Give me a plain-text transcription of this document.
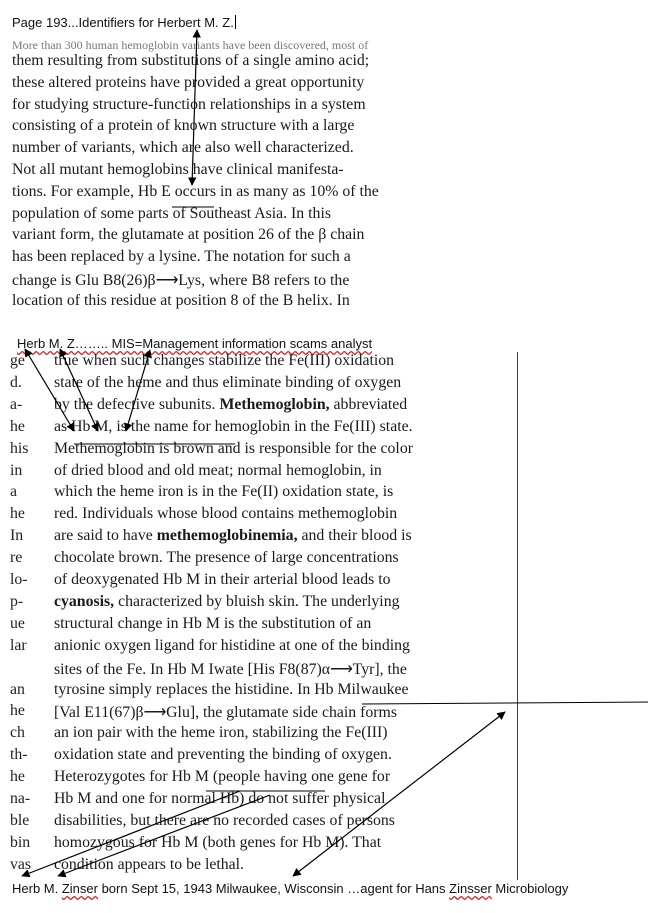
Page 193...Identifiers for Herbert M. Z.
More than 300 human hemoglobin variants have been discovered, most of
them resulting from substitutions of a single amino acid;
these altered proteins have provided a great opportunity
for studying structure-function relationships in a system
consisting of a protein of known structure with a large
number of variants, which are also well characterized.
Not all mutant hemoglobins have clinical manifesta-
tions. For example, Hb E occurs in as many as 10% of the
population of some parts of Southeast Asia. In this
variant form, the glutamate at position 26 of the β chain
has been replaced by a lysine. The notation for such a
change is Glu B8(26)β⟶Lys, where B8 refers to the
location of this residue at position 8 of the B helix. In
Herb M. Z…….. MIS=Management information scams analyst
ge
d.
a-
he
his
in
a
he
In
re
lo-
p-
ue
lar
an
he
ch
th-
he
na-
ble
bin
vas
true when such changes stabilize the Fe(III) oxidation
state of the heme and thus eliminate binding of oxygen
by the defective subunits. Methemoglobin, abbreviated
as Hb M, is the name for hemoglobin in the Fe(III) state.
Methemoglobin is brown and is responsible for the color
of dried blood and old meat; normal hemoglobin, in
which the heme iron is in the Fe(II) oxidation state, is
red. Individuals whose blood contains methemoglobin
are said to have methemoglobinemia, and their blood is
chocolate brown. The presence of large concentrations
of deoxygenated Hb M in their arterial blood leads to
cyanosis, characterized by bluish skin. The underlying
structural change in Hb M is the substitution of an
anionic oxygen ligand for histidine at one of the binding
sites of the Fe. In Hb M Iwate [His F8(87)α⟶Tyr], the
tyrosine simply replaces the histidine. In Hb Milwaukee
[Val E11(67)β⟶Glu], the glutamate side chain forms
an ion pair with the heme iron, stabilizing the Fe(III)
oxidation state and preventing the binding of oxygen.
Heterozygotes for Hb M (people having one gene for
Hb M and one for normal Hb) do not suffer physical
disabilities, but there are no recorded cases of persons
homozygous for Hb M (both genes for Hb M). That
condition appears to be lethal.
Herb M. Zinser born Sept 15, 1943 Milwaukee, Wisconsin …agent for Hans Zinsser Microbiology
